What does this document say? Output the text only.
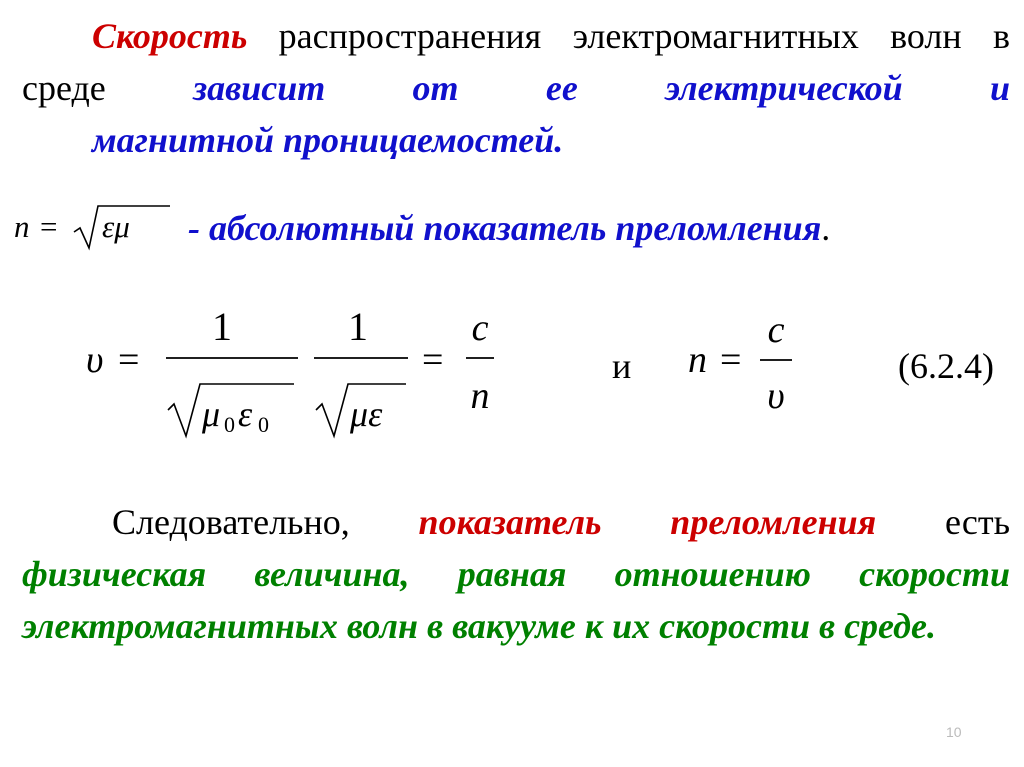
Скорость распространения электромагнитных волн в среде зависит от ее электрической и
магнитной проницаемостей.
n = εμ - абсолютный показатель преломления.
υ =
1
μ 0 ε 0
1
με
=
c
n
и n =
c
υ
(6.2.4)
Следовательно, показатель преломления есть физическая величина, равная отношению скорости электромагнитных волн в вакууме к их скорости в среде.
10
